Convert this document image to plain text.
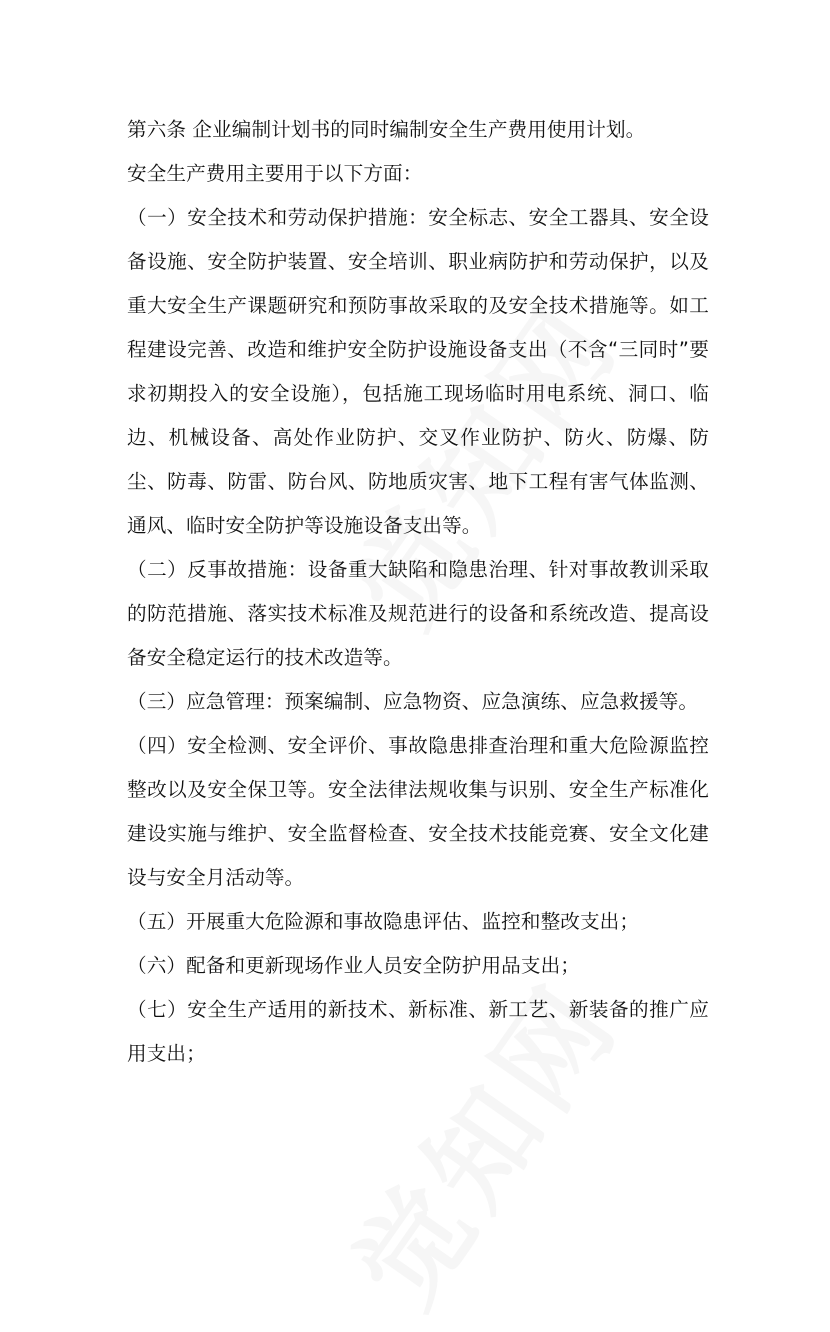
第六条 企业编制计划书的同时编制安全生产费用使用计划。

安全生产费用主要用于以下方面：

（一）安全技术和劳动保护措施：安全标志、安全工器具、安全设备设施、安全防护装置、安全培训、职业病防护和劳动保护，以及重大安全生产课题研究和预防事故采取的及安全技术措施等。如工程建设完善、改造和维护安全防护设施设备支出（不含“三同时”要求初期投入的安全设施），包括施工现场临时用电系统、洞口、临边、机械设备、高处作业防护、交叉作业防护、防火、防爆、防尘、防毒、防雷、防台风、防地质灾害、地下工程有害气体监测、通风、临时安全防护等设施设备支出等。

（二）反事故措施：设备重大缺陷和隐患治理、针对事故教训采取的防范措施、落实技术标准及规范进行的设备和系统改造、提高设备安全稳定运行的技术改造等。

（三）应急管理：预案编制、应急物资、应急演练、应急救援等。

（四）安全检测、安全评价、事故隐患排查治理和重大危险源监控整改以及安全保卫等。安全法律法规收集与识别、安全生产标准化建设实施与维护、安全监督检查、安全技术技能竞赛、安全文化建设与安全月活动等。

（五）开展重大危险源和事故隐患评估、监控和整改支出；

（六）配备和更新现场作业人员安全防护用品支出；

（七）安全生产适用的新技术、新标准、新工艺、新装备的推广应用支出；
